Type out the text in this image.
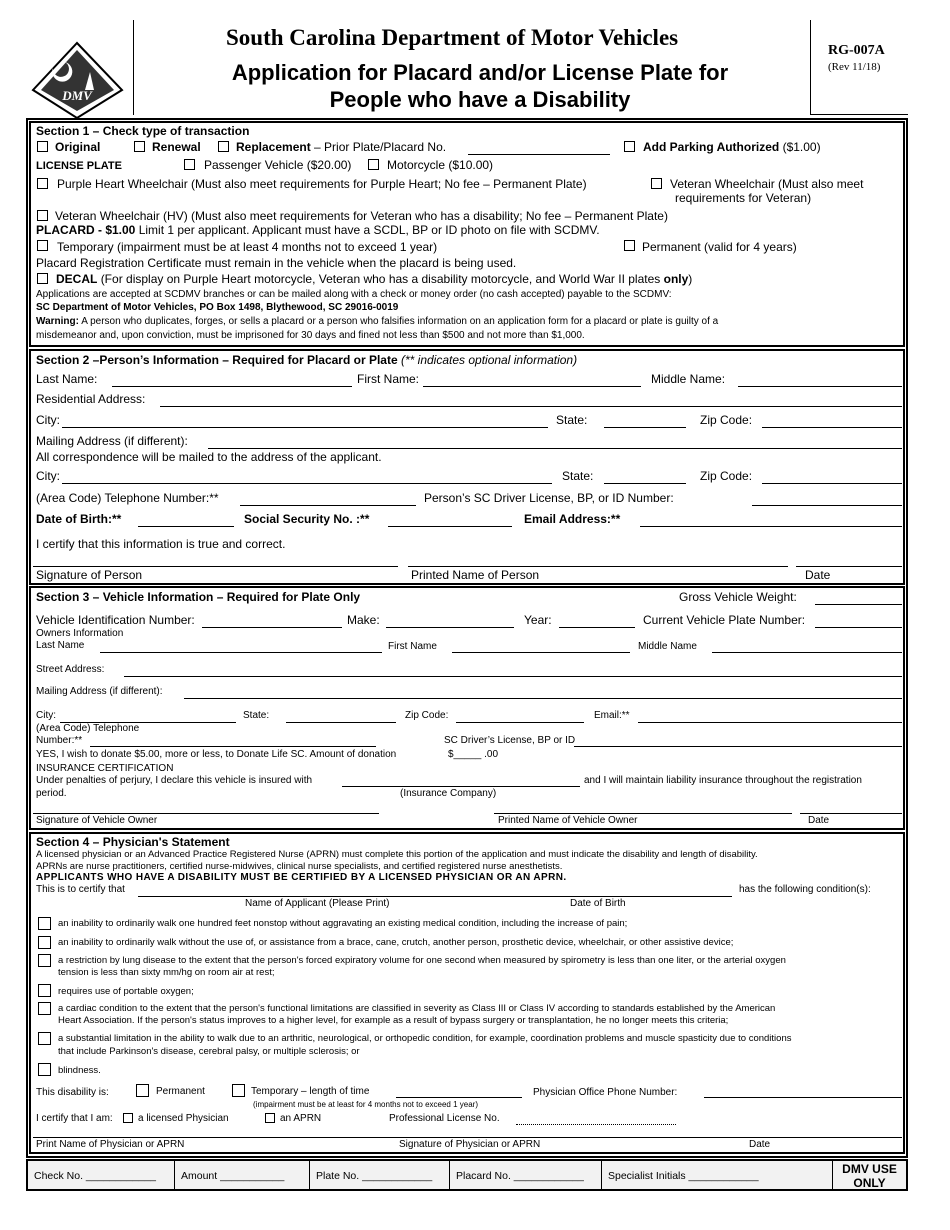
DMV
South Carolina Department of Motor Vehicles
Application for Placard and/or License Plate for
People who have a Disability
RG-007A
(Rev 11/18)
Section 1 – Check type of transaction
Original	Renewal	Replacement – Prior Plate/Placard No.	Add Parking Authorized ($1.00)
LICENSE PLATE	Passenger Vehicle ($20.00)	Motorcycle ($10.00)
Purple Heart Wheelchair (Must also meet requirements for Purple Heart; No fee – Permanent Plate)	Veteran Wheelchair (Must also meet
requirements for Veteran)
Veteran Wheelchair (HV) (Must also meet requirements for Veteran who has a disability; No fee – Permanent Plate)
PLACARD - $1.00 Limit 1 per applicant. Applicant must have a SCDL, BP or ID photo on file with SCDMV.
Temporary (impairment must be at least 4 months not to exceed 1 year)	Permanent (valid for 4 years)
Placard Registration Certificate must remain in the vehicle when the placard is being used.
DECAL (For display on Purple Heart motorcycle, Veteran who has a disability motorcycle, and World War II plates only)
Applications are accepted at SCDMV branches or can be mailed along with a check or money order (no cash accepted) payable to the SCDMV:
SC Department of Motor Vehicles, PO Box 1498, Blythewood, SC 29016-0019
Warning: A person who duplicates, forges, or sells a placard or a person who falsifies information on an application form for a placard or plate is guilty of a
misdemeanor and, upon conviction, must be imprisoned for 30 days and fined not less than $500 and not more than $1,000.
Section 2 –Person’s Information – Required for Placard or Plate (** indicates optional information)
Last Name:	First Name:	Middle Name:
Residential Address:
City:	State:	Zip Code:
Mailing Address (if different):
All correspondence will be mailed to the address of the applicant.
City:	State:	Zip Code:
(Area Code) Telephone Number:**	Person’s SC Driver License, BP, or ID Number:
Date of Birth:**	Social Security No. :**	Email Address:**
I certify that this information is true and correct.
Signature of Person	Printed Name of Person	Date
Section 3 – Vehicle Information – Required for Plate Only	Gross Vehicle Weight:
Vehicle Identification Number:	Make:	Year:	Current Vehicle Plate Number:
Owners Information
Last Name	First Name	Middle Name
Street Address:
Mailing Address (if different):
City:	State:	Zip Code:	Email:**
(Area Code) Telephone
Number:**	SC Driver’s License, BP or ID
YES, I wish to donate $5.00, more or less, to Donate Life SC. Amount of donation	$_____ .00
INSURANCE CERTIFICATION
Under penalties of perjury, I declare this vehicle is insured with	and I will maintain liability insurance throughout the registration
period.	(Insurance Company)
Signature of Vehicle Owner	Printed Name of Vehicle Owner	Date
Section 4 – Physician's Statement
A licensed physician or an Advanced Practice Registered Nurse (APRN) must complete this portion of the application and must indicate the disability and length of disability.
APRNs are nurse practitioners, certified nurse-midwives, clinical nurse specialists, and certified registered nurse anesthetists.
APPLICANTS WHO HAVE A DISABILITY MUST BE CERTIFIED BY A LICENSED PHYSICIAN OR AN APRN.
This is to certify that	has the following condition(s):
Name of Applicant (Please Print)	Date of Birth
an inability to ordinarily walk one hundred feet nonstop without aggravating an existing medical condition, including the increase of pain;
an inability to ordinarily walk without the use of, or assistance from a brace, cane, crutch, another person, prosthetic device, wheelchair, or other assistive device;
a restriction by lung disease to the extent that the person's forced expiratory volume for one second when measured by spirometry is less than one liter, or the arterial oxygen
tension is less than sixty mm/hg on room air at rest;
requires use of portable oxygen;
a cardiac condition to the extent that the person's functional limitations are classified in severity as Class III or Class IV according to standards established by the American
Heart Association. If the person's status improves to a higher level, for example as a result of bypass surgery or transplantation, he no longer meets this criteria;
a substantial limitation in the ability to walk due to an arthritic, neurological, or orthopedic condition, for example, coordination problems and muscle spasticity due to conditions
that include Parkinson's disease, cerebral palsy, or multiple sclerosis; or
blindness.
This disability is:	Permanent	Temporary – length of time	Physician Office Phone Number:
(impairment must be at least for 4 months not to exceed 1 year)
I certify that I am:	a licensed Physician	an APRN	Professional License No.
Print Name of Physician or APRN	Signature of Physician or APRN	Date
Check No. ____________	Amount ___________	Plate No. ____________	Placard No. ____________	Specialist Initials ____________	DMV USE
ONLY
